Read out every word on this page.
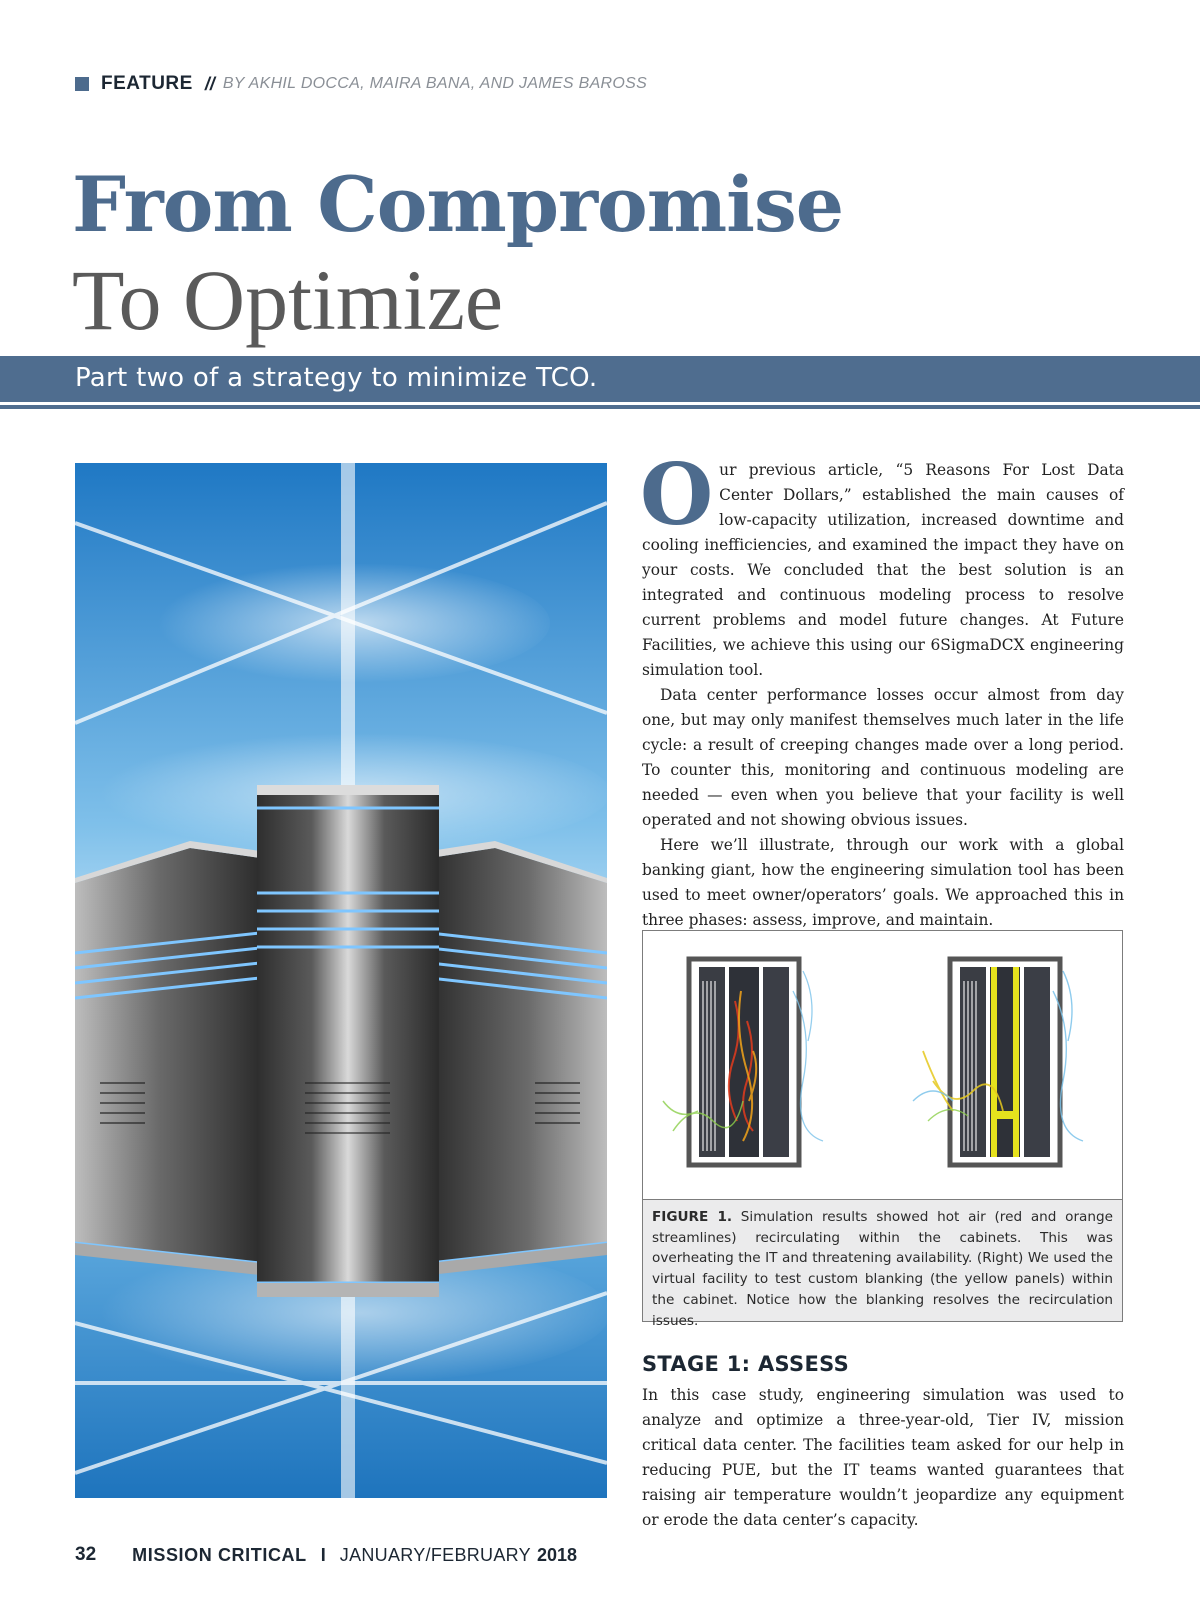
FEATURE // BY AKHIL DOCCA, MAIRA BANA, AND JAMES BAROSS
From Compromise
To Optimize
Part two of a strategy to minimize TCO.

Our previous article, “5 Reasons For Lost Data Center Dollars,” established the main causes of low-capacity utilization, increased downtime and cooling inefficiencies, and examined the impact they have on your costs. We concluded that the best solution is an integrated and continuous modeling process to resolve current problems and model future changes. At Future Facilities, we achieve this using our 6SigmaDCX engineering simulation tool.

Data center performance losses occur almost from day one, but may only manifest themselves much later in the life cycle: a result of creeping changes made over a long period. To counter this, monitoring and continuous modeling are needed — even when you believe that your facility is well operated and not showing obvious issues.

Here we’ll illustrate, through our work with a global banking giant, how the engineering simulation tool has been used to meet owner/operators’ goals. We approached this in three phases: assess, improve, and maintain.

FIGURE 1. Simulation results showed hot air (red and orange streamlines) recirculating within the cabinets. This was overheating the IT and threatening availability. (Right) We used the virtual facility to test custom blanking (the yellow panels) within the cabinet. Notice how the blanking resolves the recirculation issues.
STAGE 1: ASSESS

In this case study, engineering simulation was used to analyze and optimize a three-year-old, Tier IV, mission critical data center. The facilities team asked for our help in reducing PUE, but the IT teams wanted guarantees that raising air temperature wouldn’t jeopardize any equipment or erode the data center’s capacity.

32 MISSION CRITICAL I JANUARY/FEBRUARY 2018
